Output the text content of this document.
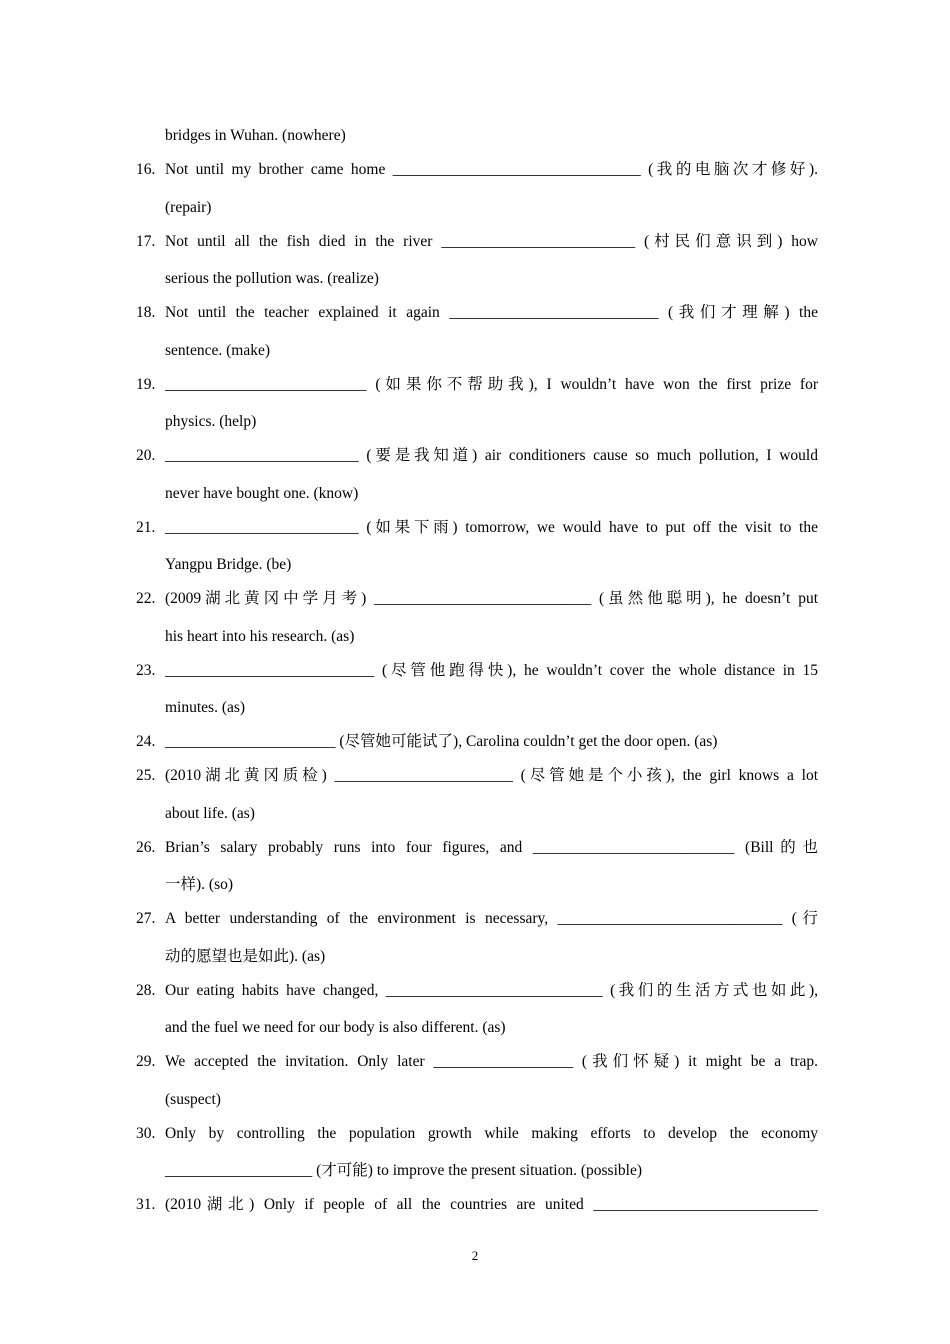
bridges in Wuhan. (nowhere)
16. Not until my brother came home ________________________________ (我的电脑次才修好).
(repair)
17. Not until all the fish died in the river _________________________ (村民们意识到) how
serious the pollution was. (realize)
18. Not until the teacher explained it again ___________________________ (我们才理解) the
sentence. (make)
19. __________________________ (如果你不帮助我), I wouldn’t have won the first prize for
physics. (help)
20. _________________________ (要是我知道) air conditioners cause so much pollution, I would
never have bought one. (know)
21. _________________________ (如果下雨) tomorrow, we would have to put off the visit to the
Yangpu Bridge. (be)
22. (2009湖北黄冈中学月考) ____________________________ (虽然他聪明), he doesn’t put
his heart into his research. (as)
23. ___________________________ (尽管他跑得快), he wouldn’t cover the whole distance in 15
minutes. (as)
24. ______________________ (尽管她可能试了), Carolina couldn’t get the door open. (as)
25. (2010湖北黄冈质检) _______________________ (尽管她是个小孩), the girl knows a lot
about life. (as)
26. Brian’s salary probably runs into four figures, and __________________________ (Bill的也
一样). (so)
27. A better understanding of the environment is necessary, _____________________________ (行
动的愿望也是如此). (as)
28. Our eating habits have changed, ____________________________ (我们的生活方式也如此),
and the fuel we need for our body is also different. (as)
29. We accepted the invitation. Only later __________________ (我们怀疑) it might be a trap.
(suspect)
30. Only by controlling the population growth while making efforts to develop the economy
___________________ (才可能) to improve the present situation. (possible)
31. (2010湖北) Only if people of all the countries are united _____________________________
2
